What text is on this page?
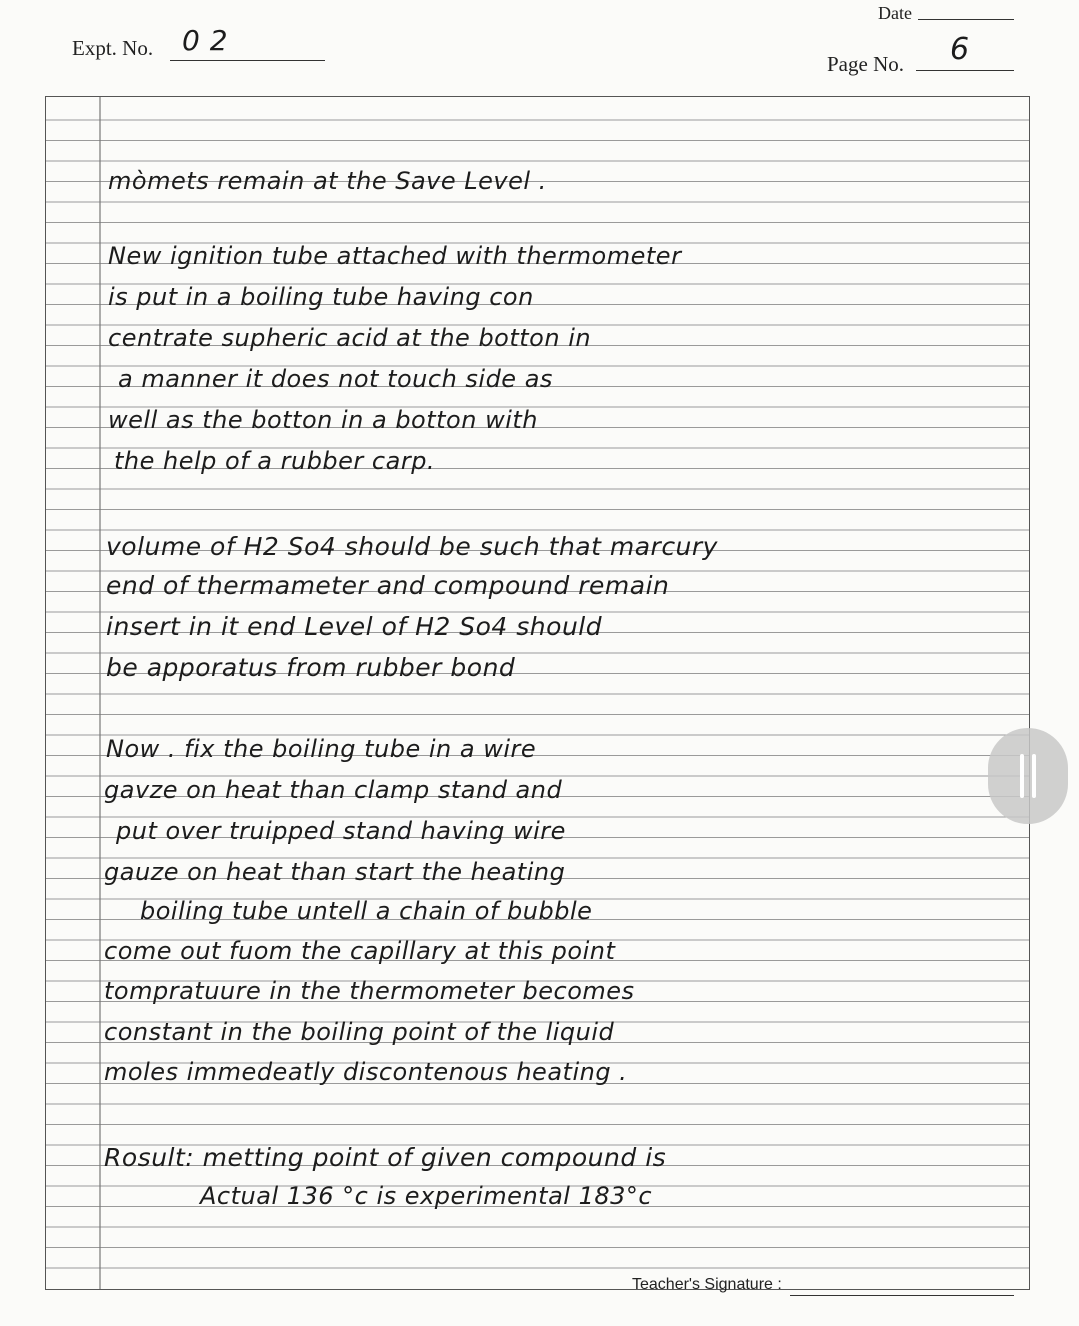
Expt. No. 0 2
Date
Page No. 6
mòmets remain at the Save Level .
New ignition tube attached with thermometer
is put in a boiling tube having con
centrate supheric acid at the botton in
a manner it does not touch side as
well as the botton in a botton with
the help of a rubber carp.
volume of H2 So4 should be such that marcury
end of thermameter and compound remain
insert in it end Level of H2 So4 should
be apporatus from rubber bond
Now . fix the boiling tube in a wire
gavze on heat than clamp stand and
put over truipped stand having wire
gauze on heat than start the heating
boiling tube untell a chain of bubble
come out fuom the capillary at this point
tompratuure in the thermometer becomes
constant in the boiling point of the liquid
moles immedeatly discontenous heating .
Rosult: metting point of given compound is
Actual 136 °c is experimental 183°c
Teacher's Signature :
